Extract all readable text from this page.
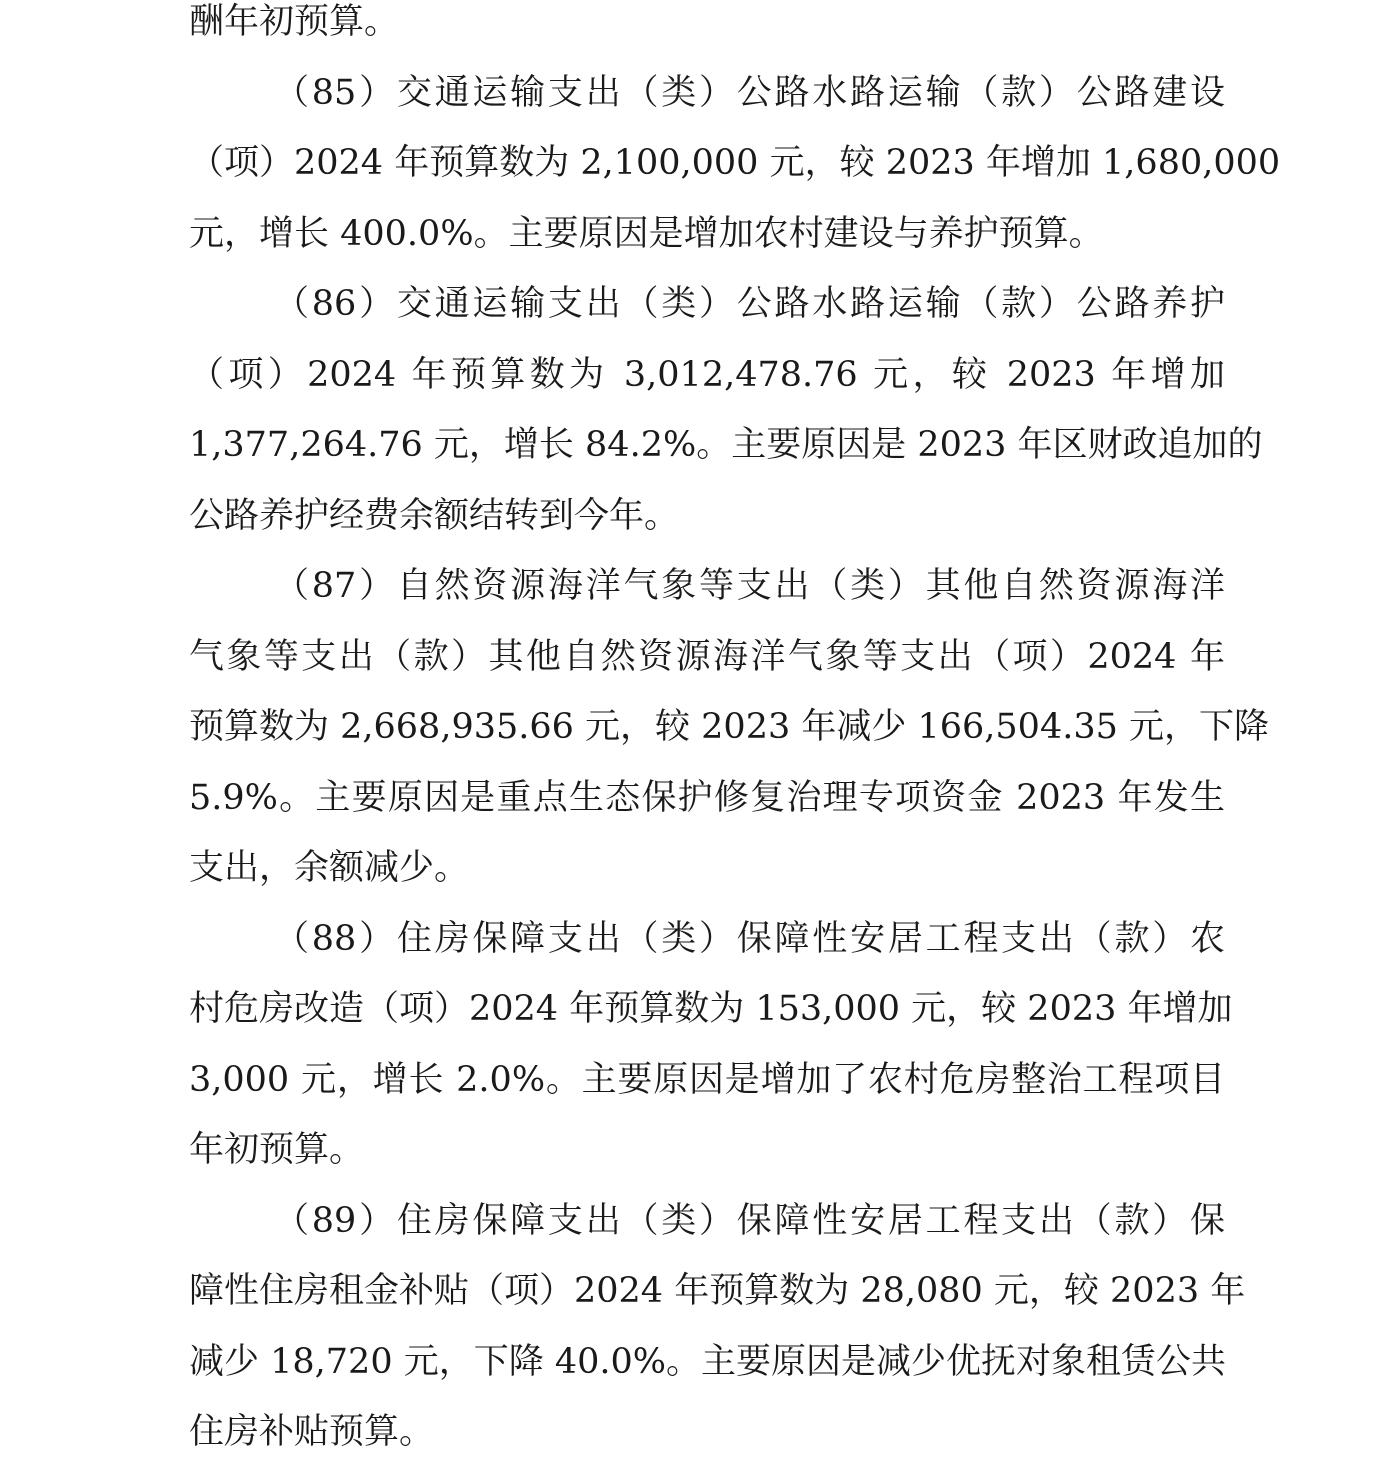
酬年初预算。
（85）交通运输支出（类）公路水路运输（款）公路建设
（项）2024 年预算数为 2,100,000 元，较 2023 年增加 1,680,000
元，增长 400.0%。主要原因是增加农村建设与养护预算。
（86）交通运输支出（类）公路水路运输（款）公路养护
（项）2024 年预算数为 3,012,478.76 元，较 2023 年增加
1,377,264.76 元，增长 84.2%。主要原因是 2023 年区财政追加的
公路养护经费余额结转到今年。
（87）自然资源海洋气象等支出（类）其他自然资源海洋
气象等支出（款）其他自然资源海洋气象等支出（项）2024 年
预算数为 2,668,935.66 元，较 2023 年减少 166,504.35 元，下降
5.9%。主要原因是重点生态保护修复治理专项资金 2023 年发生
支出，余额减少。
（88）住房保障支出（类）保障性安居工程支出（款）农
村危房改造（项）2024 年预算数为 153,000 元，较 2023 年增加
3,000 元，增长 2.0%。主要原因是增加了农村危房整治工程项目
年初预算。
（89）住房保障支出（类）保障性安居工程支出（款）保
障性住房租金补贴（项）2024 年预算数为 28,080 元，较 2023 年
减少 18,720 元，下降 40.0%。主要原因是减少优抚对象租赁公共
住房补贴预算。
